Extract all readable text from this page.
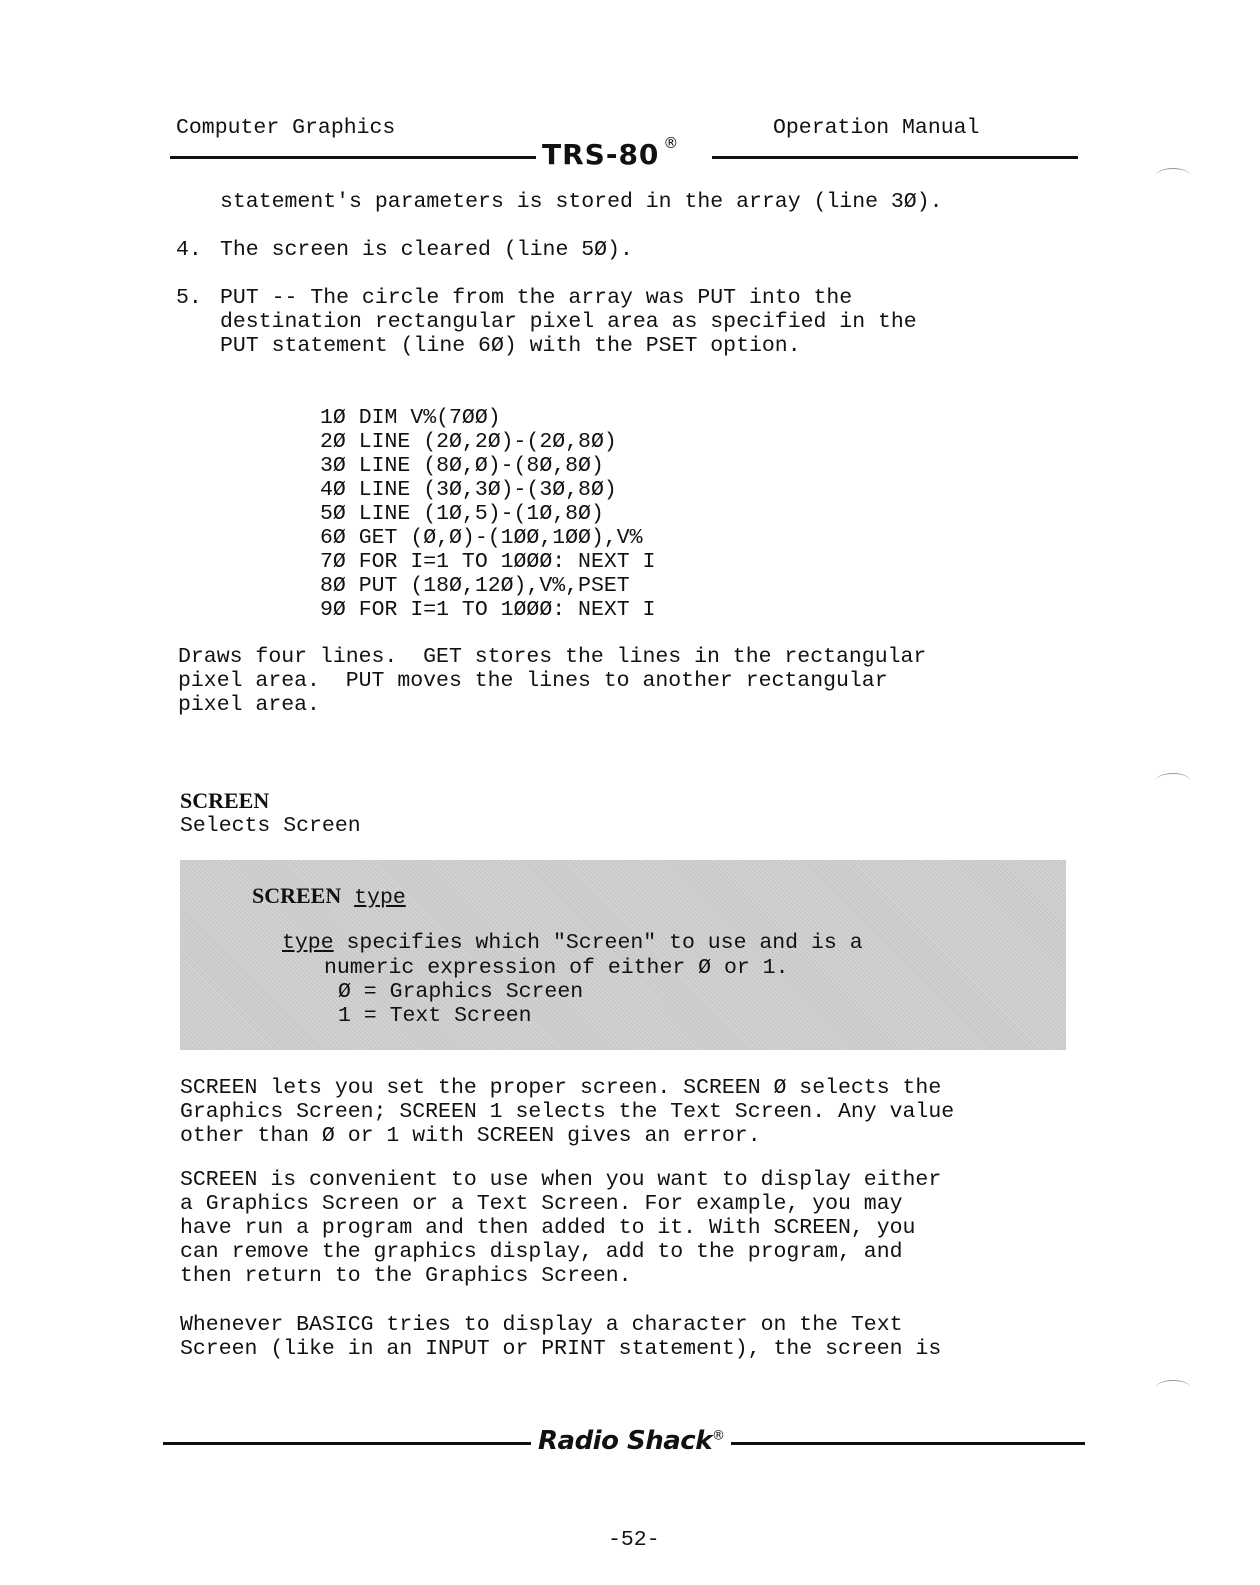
Computer Graphics	Operation Manual
TRS-80 ®
statement's parameters is stored in the array (line 3Ø).
4. The screen is cleared (line 5Ø).
5. PUT -- The circle from the array was PUT into the
destination rectangular pixel area as specified in the
PUT statement (line 6Ø) with the PSET option.
1Ø DIM V%(7ØØ)
2Ø LINE (2Ø,2Ø)-(2Ø,8Ø)
3Ø LINE (8Ø,Ø)-(8Ø,8Ø)
4Ø LINE (3Ø,3Ø)-(3Ø,8Ø)
5Ø LINE (1Ø,5)-(1Ø,8Ø)
6Ø GET (Ø,Ø)-(1ØØ,1ØØ),V%
7Ø FOR I=1 TO 1ØØØ: NEXT I
8Ø PUT (18Ø,12Ø),V%,PSET
9Ø FOR I=1 TO 1ØØØ: NEXT I
Draws four lines.  GET stores the lines in the rectangular
pixel area.  PUT moves the lines to another rectangular
pixel area.
SCREEN
Selects Screen
SCREEN type
type specifies which "Screen" to use and is a
numeric expression of either Ø or 1.
Ø = Graphics Screen
1 = Text Screen
SCREEN lets you set the proper screen. SCREEN Ø selects the
Graphics Screen; SCREEN 1 selects the Text Screen. Any value
other than Ø or 1 with SCREEN gives an error.
SCREEN is convenient to use when you want to display either
a Graphics Screen or a Text Screen. For example, you may
have run a program and then added to it. With SCREEN, you
can remove the graphics display, add to the program, and
then return to the Graphics Screen.
Whenever BASICG tries to display a character on the Text
Screen (like in an INPUT or PRINT statement), the screen is
Radio Shack®
-52-
